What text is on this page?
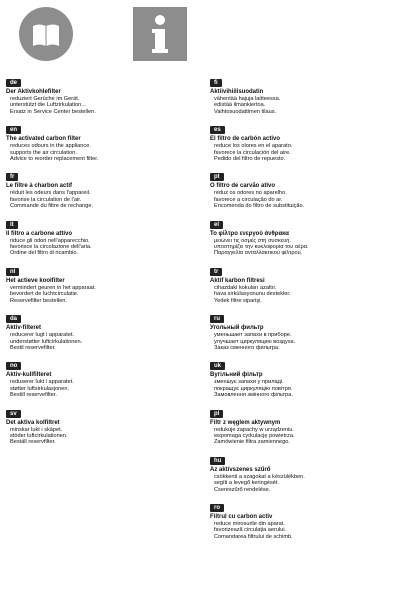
de
Der Aktivkohlefilter
reduziert Gerüche im Gerät.
unterstützt die Luftzirkulation...
Ersatz in Service Center bestellen.
en
The activated carbon filter
reduces odours in the appliance.
supports the air circulation.
Advice to reorder replacement filter.
fr
Le filtre à charbon actif
réduit les odeurs dans l'appareil.
favorise la circulation de l'air.
Commande du filtre de rechange.
it
Il filtro a carbone attivo
riduce gli odori nell'apparecchio.
favorisce la circolazione dell'aria.
Ordine del filtro di ricambio.
nl
Het actieve koolfilter
vermindert geuren in het apparaat.
bevordert de luchtcirculatie.
Reservefilter bestellen.
da
Aktiv-filteret
reducerer lugt i apparatet.
understøtter luftcirkulationen.
Bestil reservefilter.
no
Aktiv-kullfilteret
reduserer lukt i apparatet.
støtter luftsirkulasjonen.
Bestill reservefilter.
sv
Det aktiva kolfiltret
minskar lukt i skåpet.
stöder luftcirkulationen.
Beställ reservfilter.
fi
Aktiivihiilisuodatin
vähentää hajuja laitteessa.
edistää ilmankiertoa.
Vaihtosuodattimen tilaus.
es
El filtro de carbón activo
reduce los olores en el aparato.
favorece la circulación del aire.
Pedido del filtro de repuesto.
pt
O filtro de carvão ativo
reduz os odores no aparelho.
favorece a circulação do ar.
Encomenda do filtro de substituição.
el
Το φίλτρο ενεργού άνθρακα
μειώνει τις οσμές στη συσκευή.
υποστηρίζει την κυκλοφορία του αέρα.
Παραγγελία ανταλλακτικού φίλτρου.
tr
Aktif karbon filtresi
cihazdaki kokuları azaltır.
hava sirkülasyonunu destekler.
Yedek filtre siparişi.
ru
Угольный фильтр
уменьшает запахи в приборе.
улучшает циркуляцию воздуха.
Заказ сменного фильтра.
uk
Вугільний фільтр
зменшує запахи у приладі.
покращує циркуляцію повітря.
Замовлення змінного фільтра.
pl
Filtr z węglem aktywnym
redukuje zapachy w urządzeniu.
wspomaga cyrkulację powietrza.
Zamówienie filtra zamiennego.
hu
Az aktívszenes szűrő
csökkenti a szagokat a készülékben.
segíti a levegő keringését.
Csereszűrő rendelése.
ro
Filtrul cu carbon activ
reduce mirosurile din aparat.
favorizează circulația aerului.
Comandarea filtrului de schimb.
